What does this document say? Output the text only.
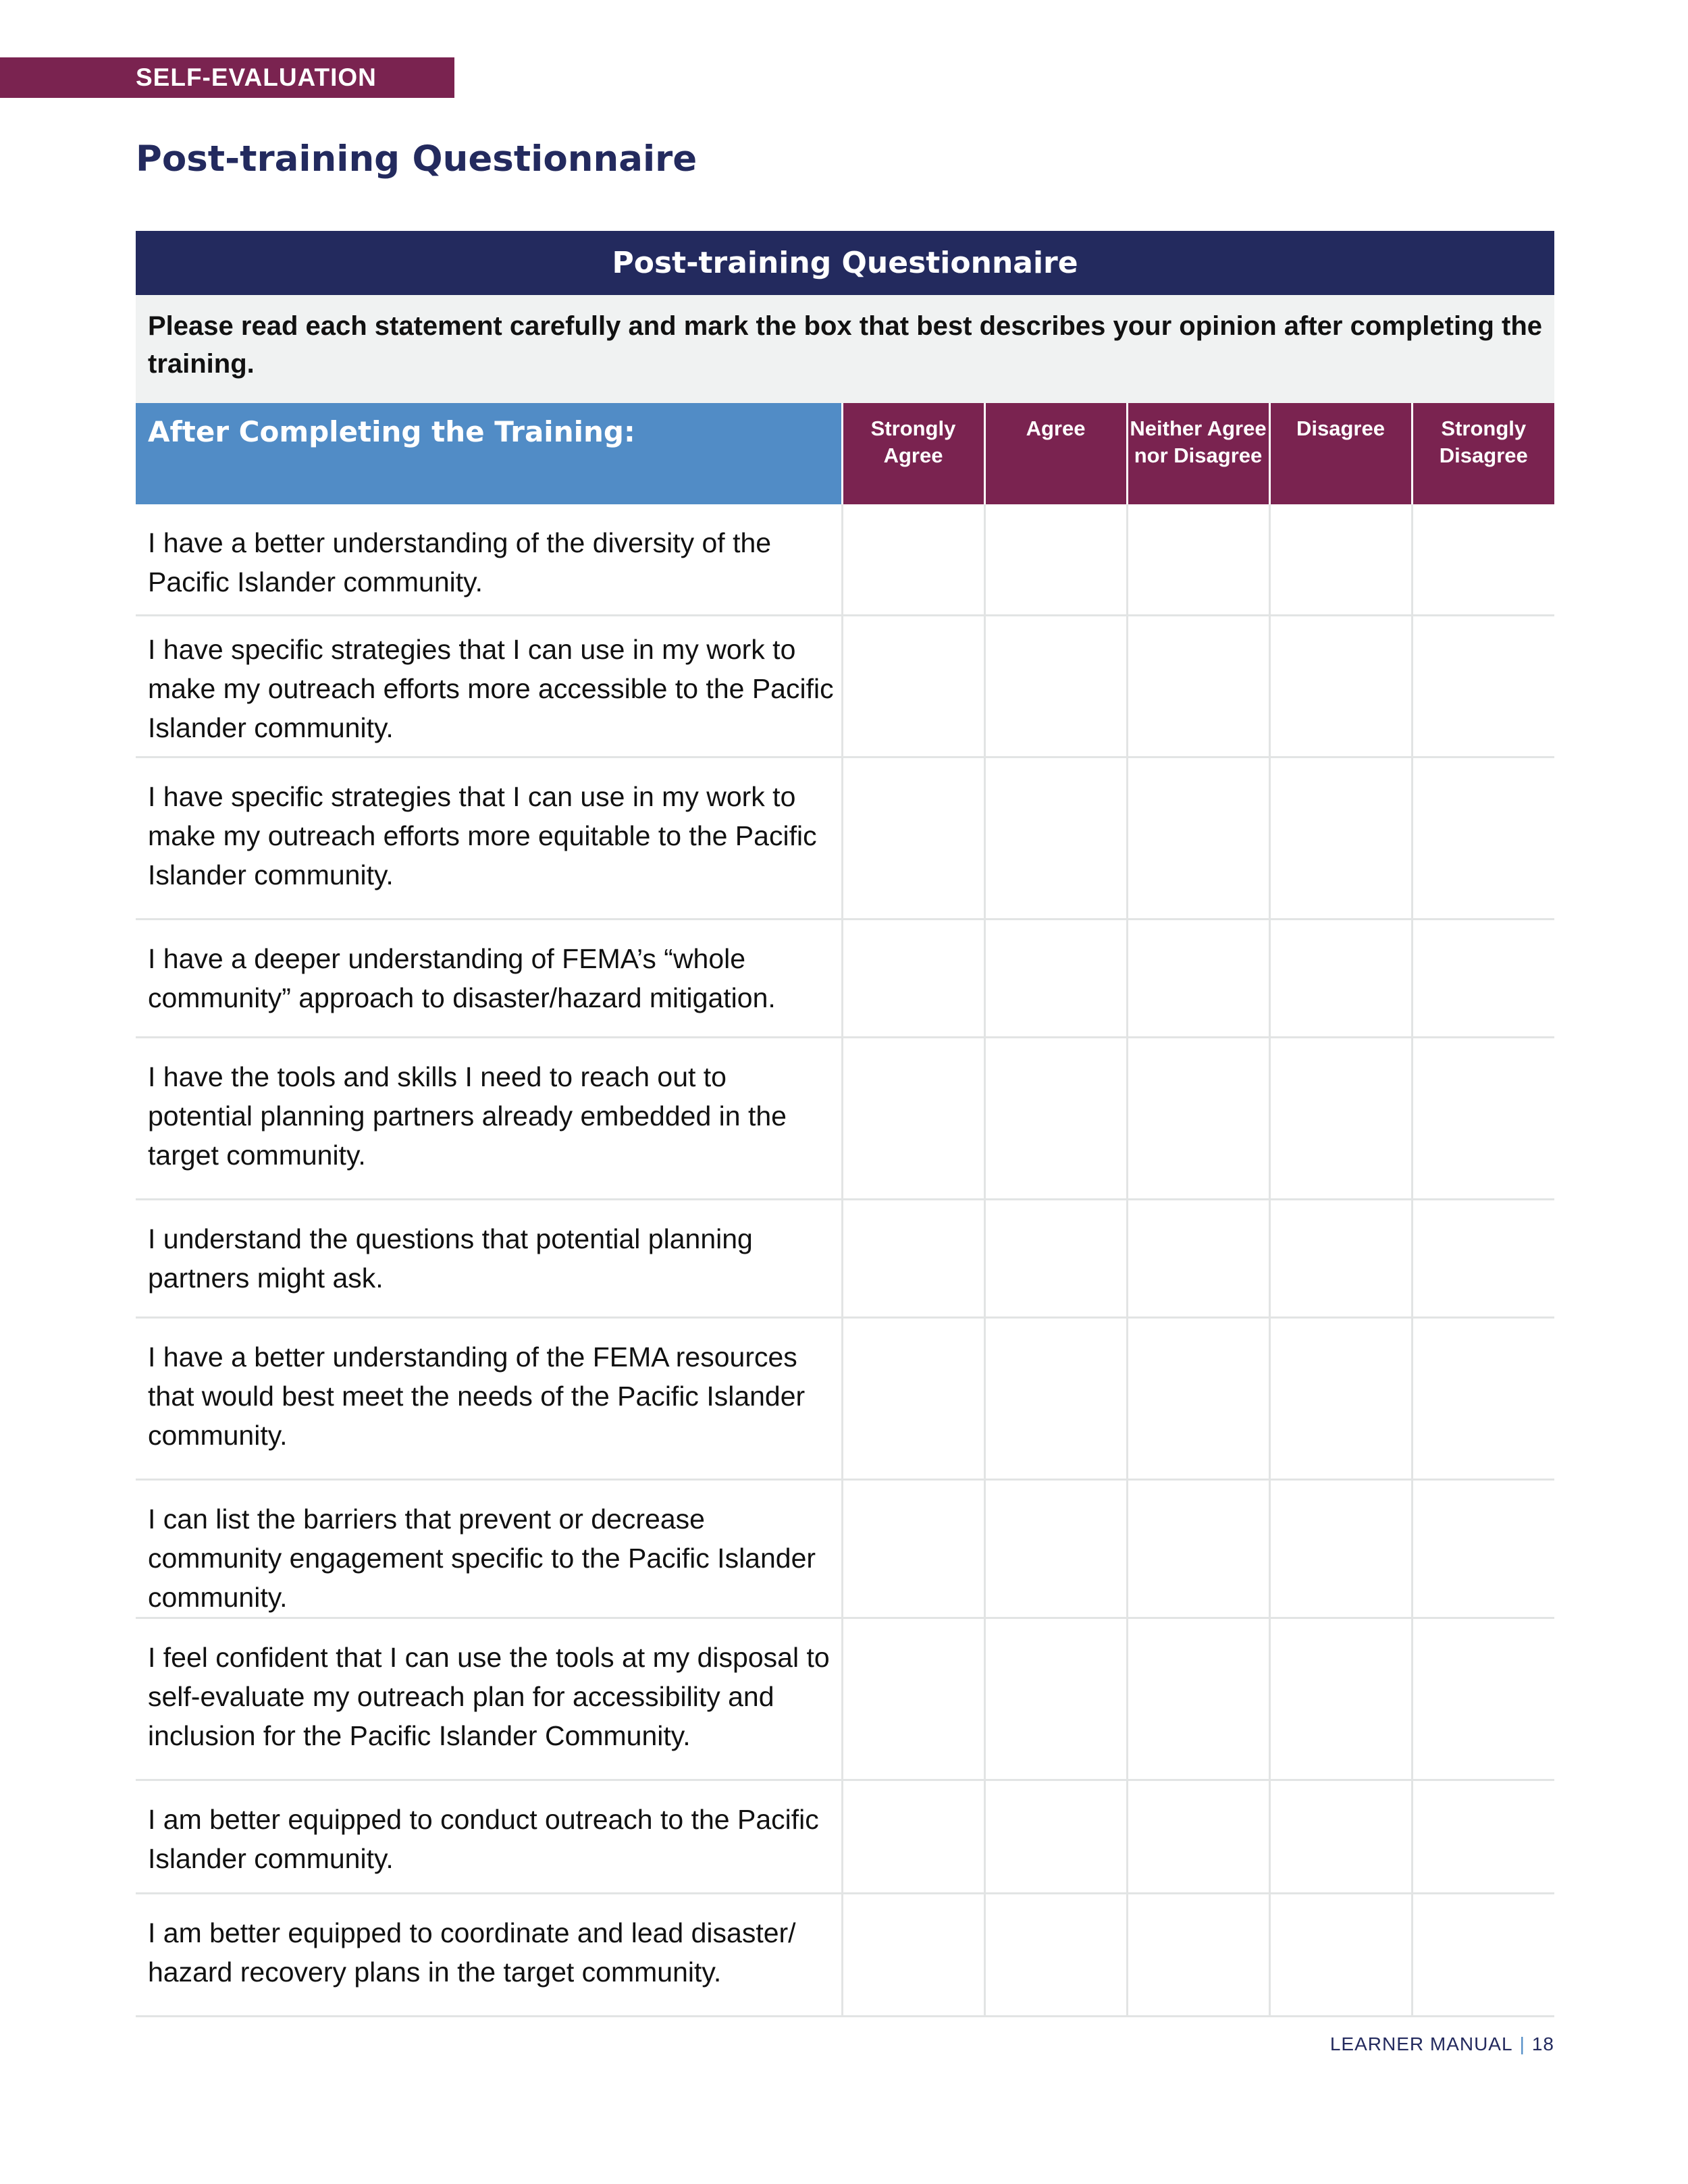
SELF-EVALUATION
Post-training Questionnaire
Post-training Questionnaire					
Please read each statement carefully and mark the box that best describes your opinion after completing the training.					
After Completing the Training:	Strongly Agree	Agree	Neither Agree nor Disagree	Disagree	Strongly Disagree
I have a better understanding of the diversity of the Pacific Islander community.					
I have specific strategies that I can use in my work to make my outreach efforts more accessible to the Pacific Islander community.					
I have specific strategies that I can use in my work to make my outreach efforts more equitable to the Pacific Islander community.					
I have a deeper understanding of FEMA’s “whole community” approach to disaster/hazard mitigation.					
I have the tools and skills I need to reach out to potential planning partners already embedded in the target community.					
I understand the questions that potential planning partners might ask.					
I have a better understanding of the FEMA resources that would best meet the needs of the Pacific Islander community.					
I can list the barriers that prevent or decrease community engagement specific to the Pacific Islander community.					
I feel confident that I can use the tools at my disposal to self-evaluate my outreach plan for accessibility and inclusion for the Pacific Islander Community.					
I am better equipped to conduct outreach to the Pacific Islander community.					
I am better equipped to coordinate and lead disaster/ hazard recovery plans in the target community.					
LEARNER MANUAL | 18
